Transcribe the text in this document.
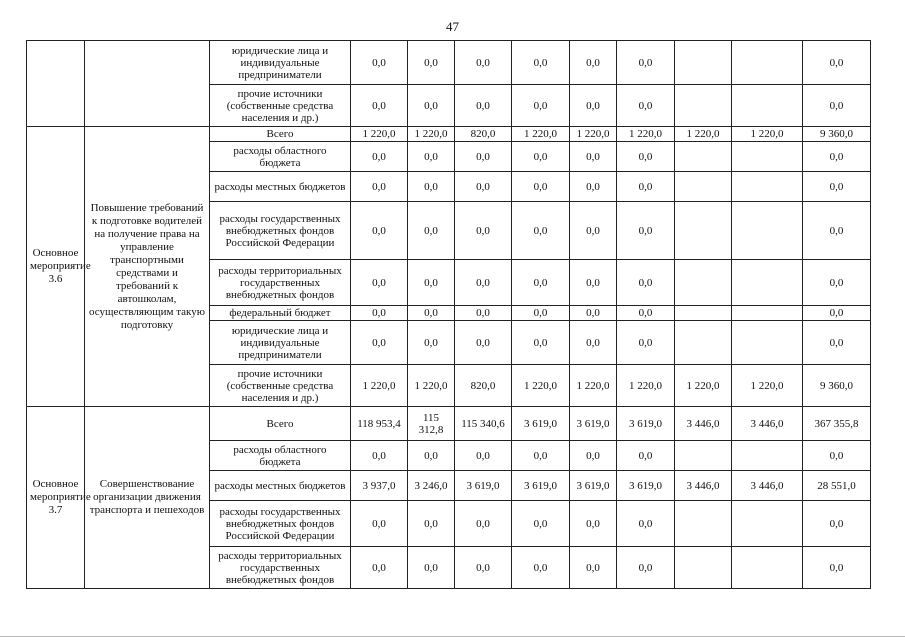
47
		юридические лица и индивидуальные предприниматели	0,0	0,0	0,0	0,0	0,0	0,0			0,0
		прочие источники (собственные средства населения и др.)	0,0	0,0	0,0	0,0	0,0	0,0			0,0
Основное мероприятие 3.6	Повышение требований к подготовке водителей на получение права на управление транспортными средствами и требований к автошколам, осуществляющим такую подготовку	Всего	1 220,0	1 220,0	820,0	1 220,0	1 220,0	1 220,0	1 220,0	1 220,0	9 360,0
		расходы областного бюджета	0,0	0,0	0,0	0,0	0,0	0,0			0,0
		расходы местных бюджетов	0,0	0,0	0,0	0,0	0,0	0,0			0,0
		расходы государственных внебюджетных фондов Российской Федерации	0,0	0,0	0,0	0,0	0,0	0,0			0,0
		расходы территориальных государственных внебюджетных фондов	0,0	0,0	0,0	0,0	0,0	0,0			0,0
		федеральный бюджет	0,0	0,0	0,0	0,0	0,0	0,0			0,0
		юридические лица и индивидуальные предприниматели	0,0	0,0	0,0	0,0	0,0	0,0			0,0
		прочие источники (собственные средства населения и др.)	1 220,0	1 220,0	820,0	1 220,0	1 220,0	1 220,0	1 220,0	1 220,0	9 360,0
Основное мероприятие 3.7	Совершенствование организации движения транспорта и пешеходов	Всего	118 953,4	115 312,8	115 340,6	3 619,0	3 619,0	3 619,0	3 446,0	3 446,0	367 355,8
		расходы областного бюджета	0,0	0,0	0,0	0,0	0,0	0,0			0,0
		расходы местных бюджетов	3 937,0	3 246,0	3 619,0	3 619,0	3 619,0	3 619,0	3 446,0	3 446,0	28 551,0
		расходы государственных внебюджетных фондов Российской Федерации	0,0	0,0	0,0	0,0	0,0	0,0			0,0
		расходы территориальных государственных внебюджетных фондов	0,0	0,0	0,0	0,0	0,0	0,0			0,0
